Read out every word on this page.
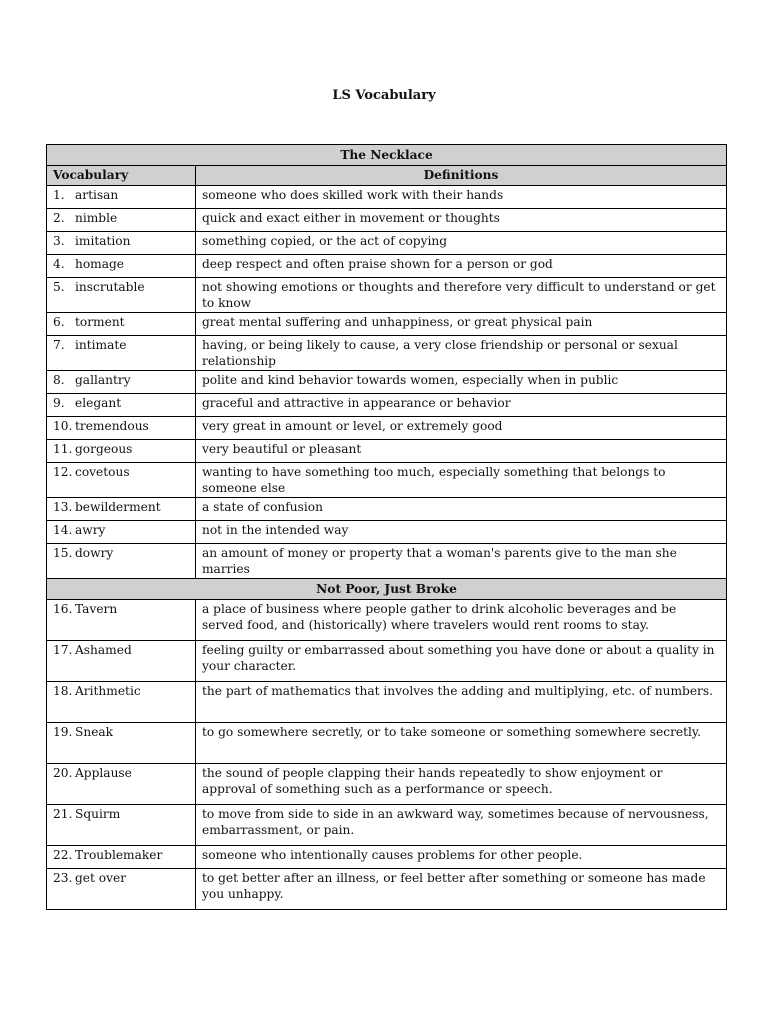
LS Vocabulary
The Necklace	
Vocabulary	Definitions
1. artisan	someone who does skilled work with their hands
2. nimble	quick and exact either in movement or thoughts
3. imitation	something copied, or the act of copying
4. homage	deep respect and often praise shown for a person or god
5. inscrutable	not showing emotions or thoughts and therefore very difficult to understand or get to know
6. torment	great mental suffering and unhappiness, or great physical pain
7. intimate	having, or being likely to cause, a very close friendship or personal or sexual relationship
8. gallantry	polite and kind behavior towards women, especially when in public
9. elegant	graceful and attractive in appearance or behavior
10. tremendous	very great in amount or level, or extremely good
11. gorgeous	very beautiful or pleasant
12. covetous	wanting to have something too much, especially something that belongs to someone else
13. bewilderment	a state of confusion
14. awry	not in the intended way
15. dowry	an amount of money or property that a woman's parents give to the man she marries
Not Poor, Just Broke	
16. Tavern	a place of business where people gather to drink alcoholic beverages and be served food, and (historically) where travelers would rent rooms to stay.
17. Ashamed	feeling guilty or embarrassed about something you have done or about a quality in your character.
18. Arithmetic	the part of mathematics that involves the adding and multiplying, etc. of numbers.
19. Sneak	to go somewhere secretly, or to take someone or something somewhere secretly.
20. Applause	the sound of people clapping their hands repeatedly to show enjoyment or approval of something such as a performance or speech.
21. Squirm	to move from side to side in an awkward way, sometimes because of nervousness, embarrassment, or pain.
22. Troublemaker	someone who intentionally causes problems for other people.
23. get over	to get better after an illness, or feel better after something or someone has made you unhappy.
